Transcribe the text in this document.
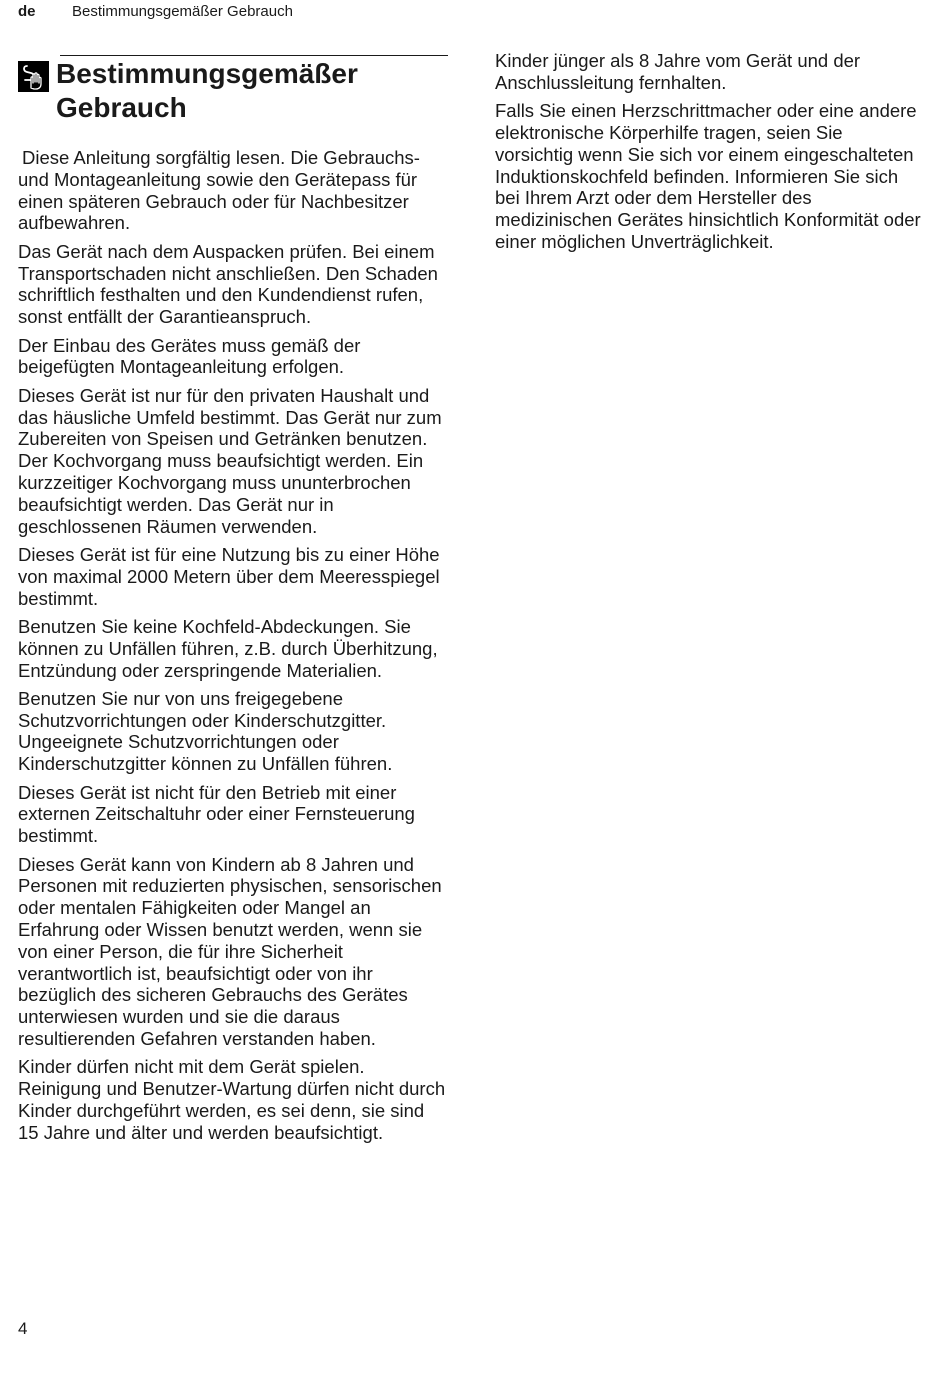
de	Bestimmungsgemäßer Gebrauch
Bestimmungsgemäßer
Gebrauch

Diese Anleitung sorgfältig lesen. Die Gebrauchs- und Montageanleitung sowie den Gerätepass für einen späteren Gebrauch oder für Nachbesitzer aufbewahren.

Das Gerät nach dem Auspacken prüfen. Bei einem Transportschaden nicht anschließen. Den Schaden schriftlich festhalten und den Kundendienst rufen, sonst entfällt der Garantieanspruch.

Der Einbau des Gerätes muss gemäß der beigefügten Montageanleitung erfolgen.

Dieses Gerät ist nur für den privaten Haushalt und das häusliche Umfeld bestimmt. Das Gerät nur zum Zubereiten von Speisen und Getränken benutzen. Der Kochvorgang muss beaufsichtigt werden. Ein kurzzeitiger Kochvorgang muss ununterbrochen beaufsichtigt werden. Das Gerät nur in geschlossenen Räumen verwenden.

Dieses Gerät ist für eine Nutzung bis zu einer Höhe von maximal 2000 Metern über dem Meeresspiegel bestimmt.

Benutzen Sie keine Kochfeld-Abdeckungen. Sie können zu Unfällen führen, z.B. durch Überhitzung, Entzündung oder zerspringende Materialien.

Benutzen Sie nur von uns freigegebene Schutzvorrichtungen oder Kinderschutzgitter. Ungeeignete Schutzvorrichtungen oder Kinderschutzgitter können zu Unfällen führen.

Dieses Gerät ist nicht für den Betrieb mit einer externen Zeitschaltuhr oder einer Fernsteuerung bestimmt.

Dieses Gerät kann von Kindern ab 8 Jahren und Personen mit reduzierten physischen, sensorischen oder mentalen Fähigkeiten oder Mangel an Erfahrung oder Wissen benutzt werden, wenn sie von einer Person, die für ihre Sicherheit verantwortlich ist, beaufsichtigt oder von ihr bezüglich des sicheren Gebrauchs des Gerätes unterwiesen wurden und sie die daraus resultierenden Gefahren verstanden haben.

Kinder dürfen nicht mit dem Gerät spielen. Reinigung und Benutzer-Wartung dürfen nicht durch Kinder durchgeführt werden, es sei denn, sie sind 15 Jahre und älter und werden beaufsichtigt.

Kinder jünger als 8 Jahre vom Gerät und der Anschlussleitung fernhalten.

Falls Sie einen Herzschrittmacher oder eine andere elektronische Körperhilfe tragen, seien Sie vorsichtig wenn Sie sich vor einem eingeschalteten Induktionskochfeld befinden. Informieren Sie sich bei Ihrem Arzt oder dem Hersteller des medizinischen Gerätes hinsichtlich Konformität oder einer möglichen Unverträglichkeit.

4
